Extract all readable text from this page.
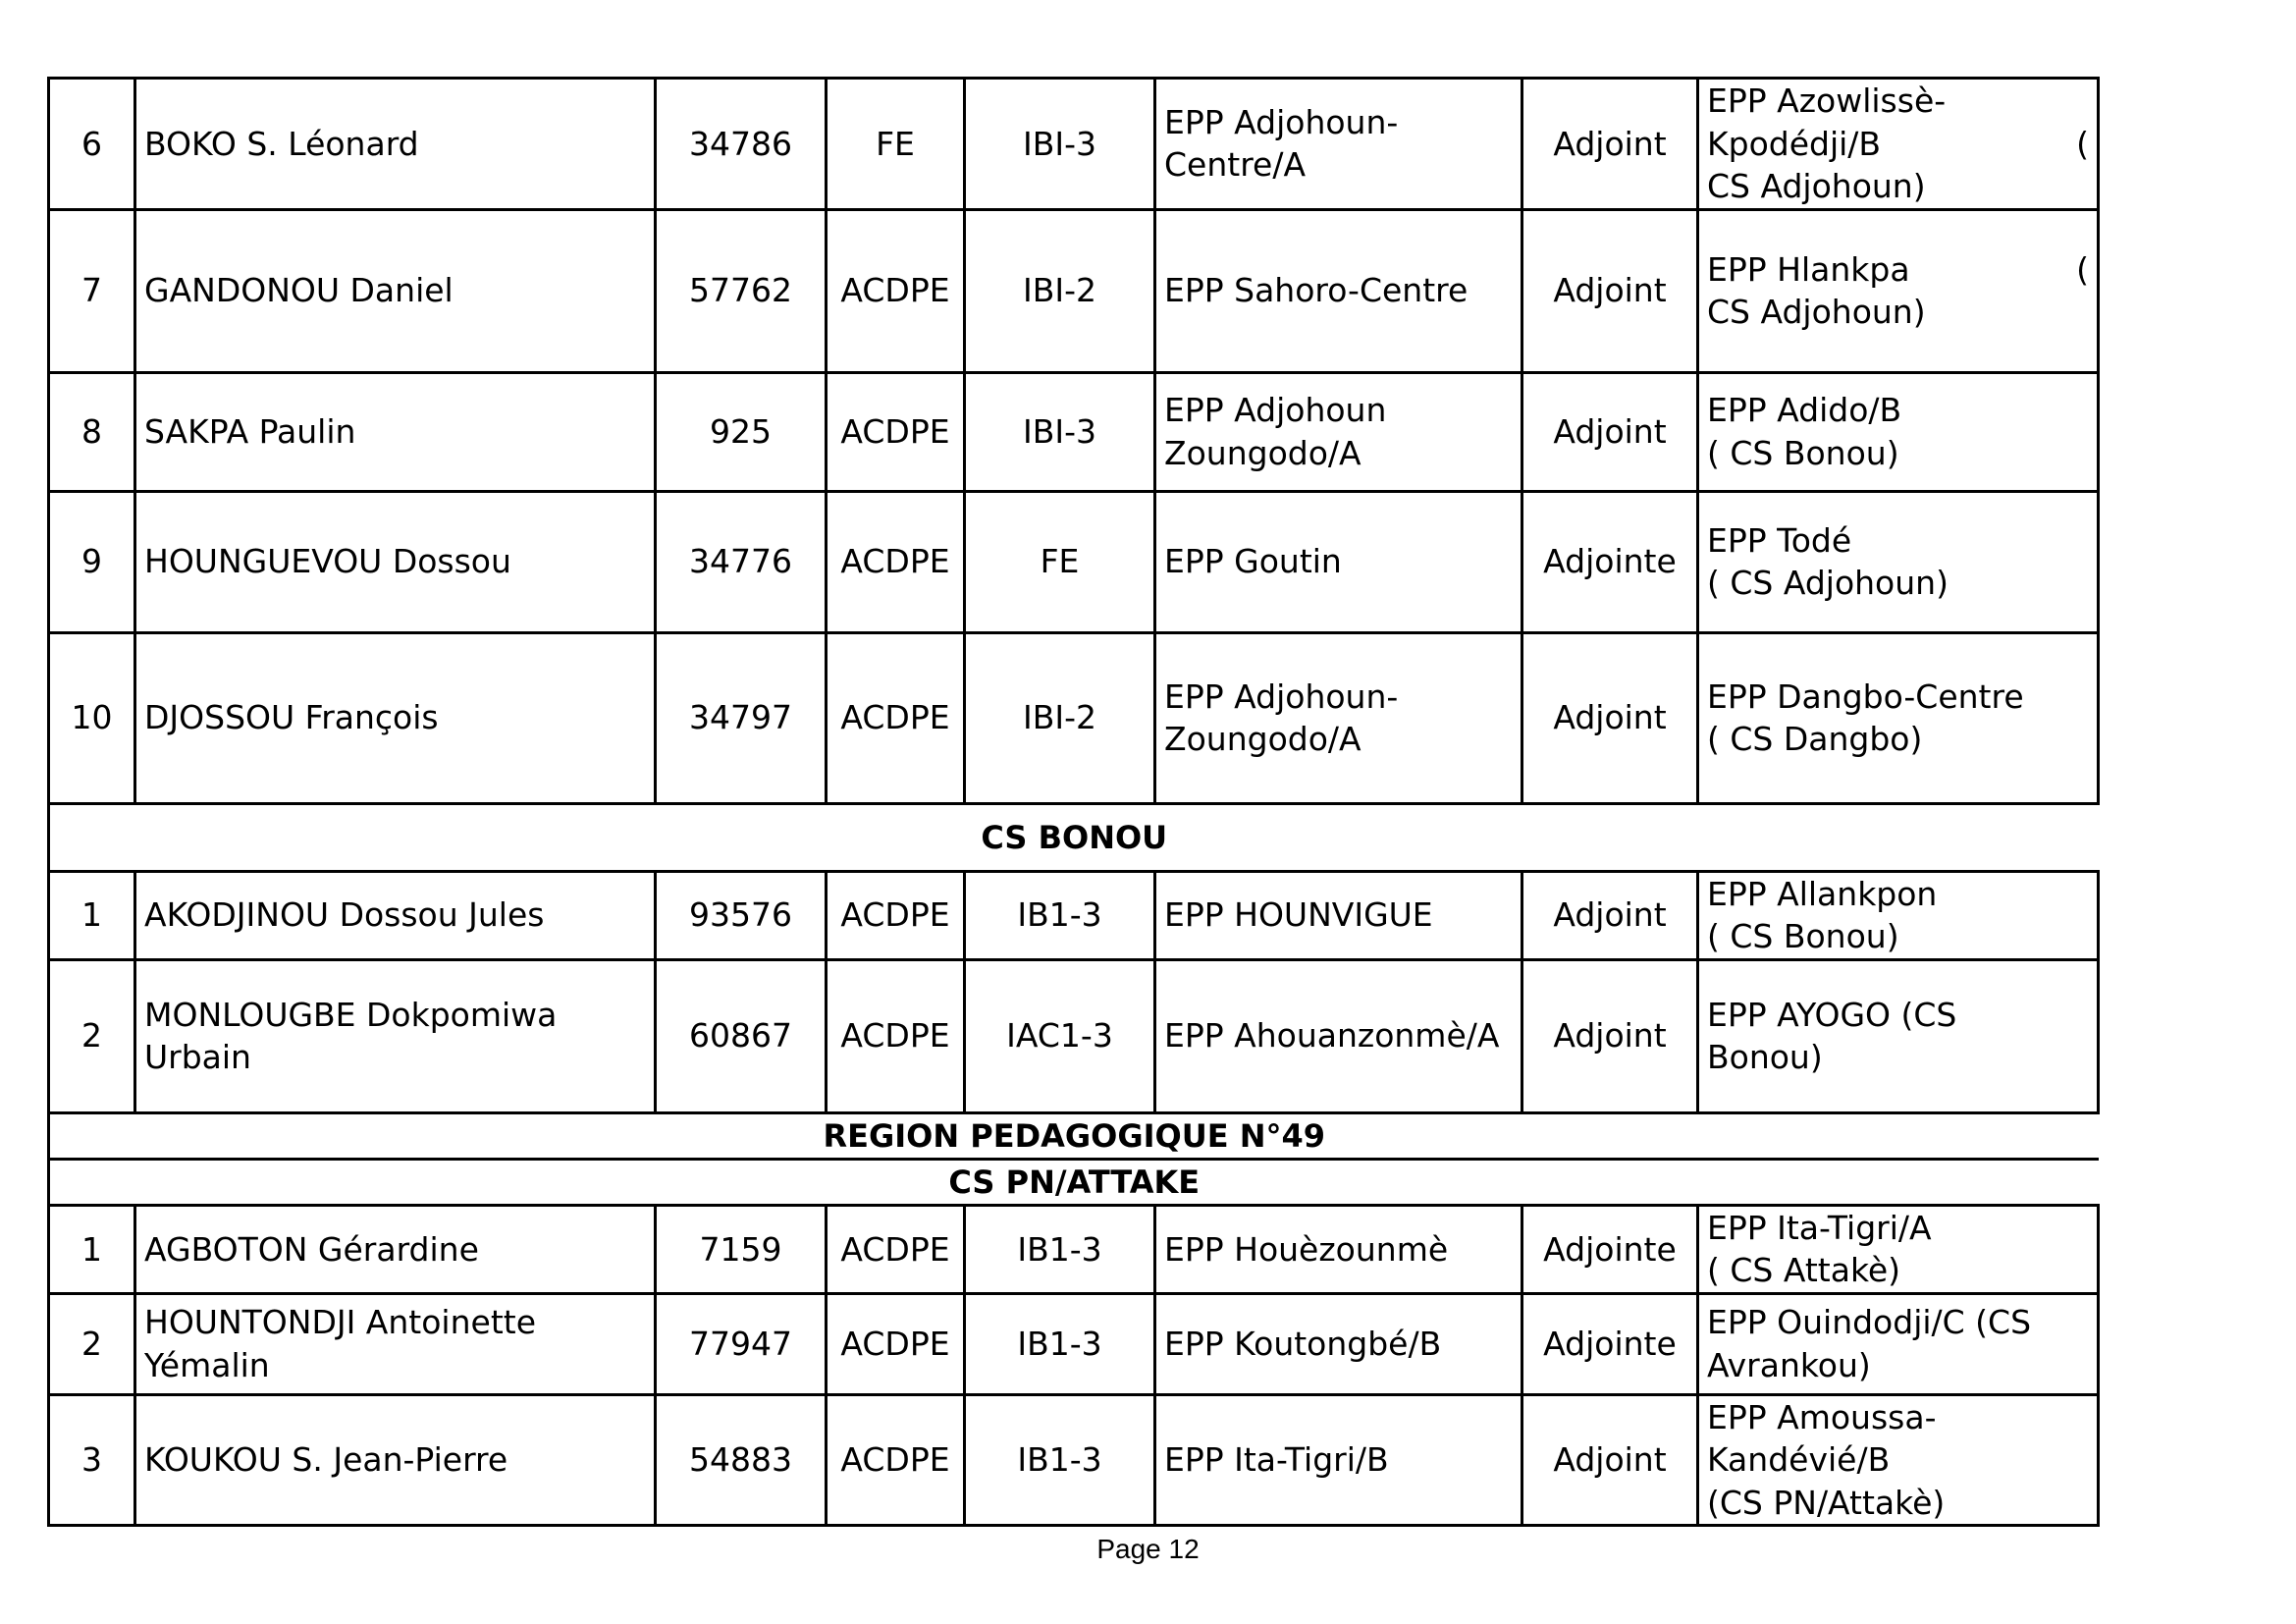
6	BOKO S. Léonard	34786	FE	IBI-3	EPP Adjohoun-
Centre/A	Adjoint	EPP Azowlissè-
Kpodédji/B (
CS Adjohoun)

7	GANDONOU Daniel	57762	ACDPE	IBI-2	EPP Sahoro-Centre	Adjoint	EPP Hlankpa (
CS Adjohoun)

8	SAKPA Paulin	925	ACDPE	IBI-3	EPP Adjohoun
Zoungodo/A	Adjoint	EPP Adido/B
( CS Bonou)

9	HOUNGUEVOU Dossou	34776	ACDPE	FE	EPP Goutin	Adjointe	EPP Todé
( CS Adjohoun)

10	DJOSSOU François	34797	ACDPE	IBI-2	EPP Adjohoun-
Zoungodo/A	Adjoint	EPP Dangbo-Centre
( CS Dangbo)

CS BONOU							
1	AKODJINOU Dossou Jules	93576	ACDPE	IB1-3	EPP HOUNVIGUE	Adjoint	EPP Allankpon
( CS Bonou)

2	MONLOUGBE Dokpomiwa
Urbain	60867	ACDPE	IAC1-3	EPP Ahouanzonmè/A	Adjoint	EPP AYOGO (CS
Bonou)

REGION PEDAGOGIQUE N°49							
CS PN/ATTAKE							
1	AGBOTON Gérardine	7159	ACDPE	IB1-3	EPP Houèzounmè	Adjointe	EPP Ita-Tigri/A
( CS Attakè)

2	HOUNTONDJI Antoinette
Yémalin	77947	ACDPE	IB1-3	EPP Koutongbé/B	Adjointe	EPP Ouindodji/C (CS
Avrankou)

3	KOUKOU S. Jean-Pierre	54883	ACDPE	IB1-3	EPP Ita-Tigri/B	Adjoint	EPP Amoussa-
Kandévié/B
(CS PN/Attakè)
Page 12
